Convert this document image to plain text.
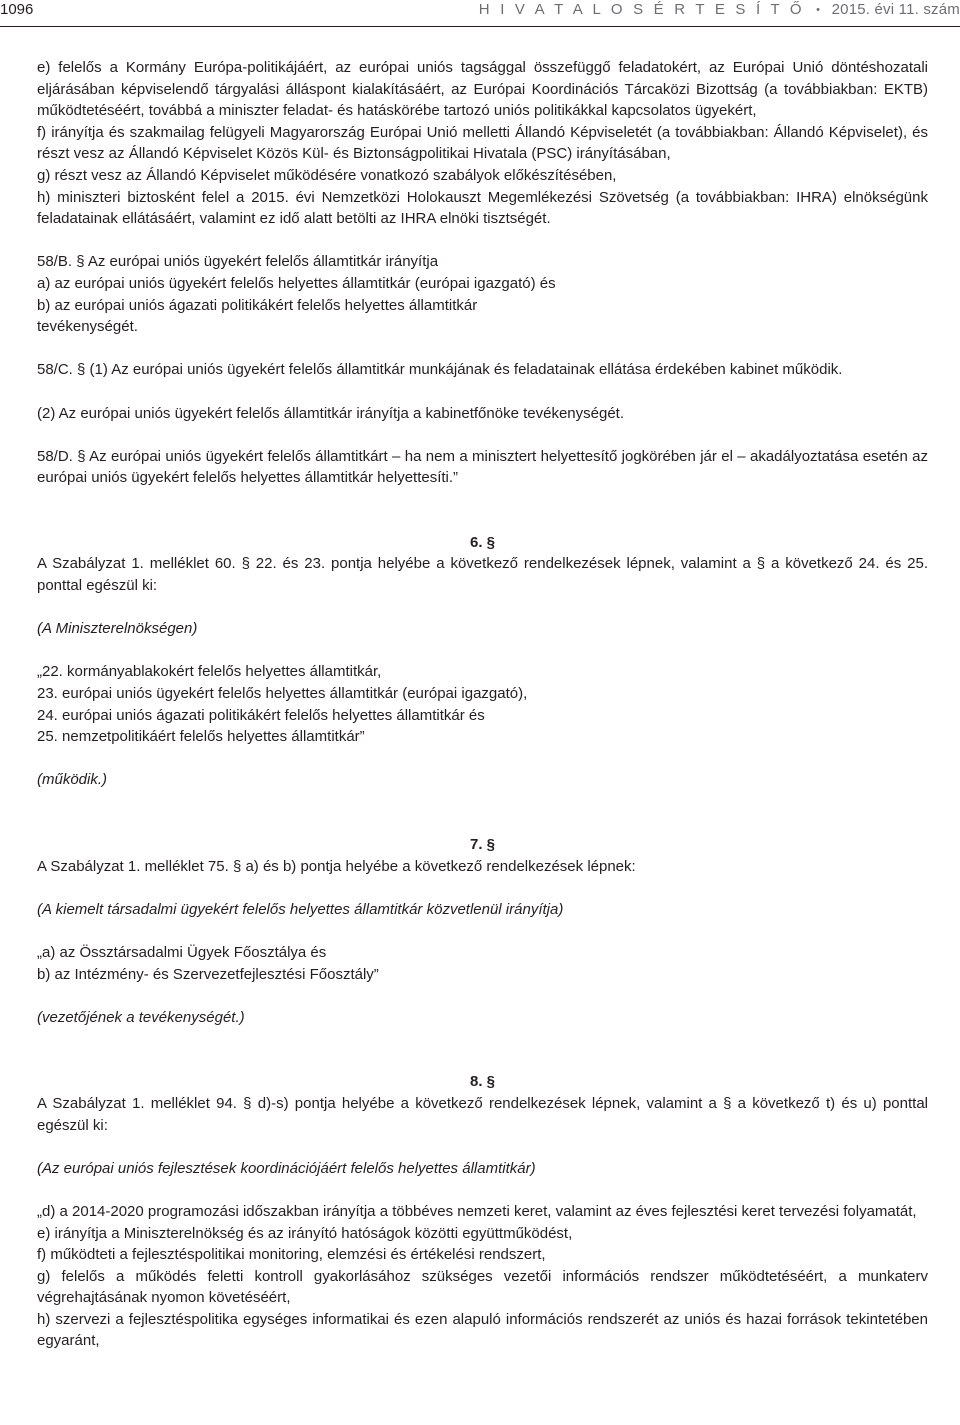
1096	H I V A T A L O S É R T E S Í T Ő • 2015. évi 11. szám

e) felelős a Kormány Európa-politikájáért, az európai uniós tagsággal összefüggő feladatokért, az Európai Unió döntéshozatali eljárásában képviselendő tárgyalási álláspont kialakításáért, az Európai Koordinációs Tárcaközi Bizottság (a továbbiakban: EKTB) működtetéséért, továbbá a miniszter feladat- és hatáskörébe tartozó uniós politikákkal kapcsolatos ügyekért,

f) irányítja és szakmailag felügyeli Magyarország Európai Unió melletti Állandó Képviseletét (a továbbiakban: Állandó Képviselet), és részt vesz az Állandó Képviselet Közös Kül- és Biztonságpolitikai Hivatala (PSC) irányításában,

g) részt vesz az Állandó Képviselet működésére vonatkozó szabályok előkészítésében,

h) miniszteri biztosként felel a 2015. évi Nemzetközi Holokauszt Megemlékezési Szövetség (a továbbiakban: IHRA) elnökségünk feladatainak ellátásáért, valamint ez idő alatt betölti az IHRA elnöki tisztségét.

58/B. § Az európai uniós ügyekért felelős államtitkár irányítja

a) az európai uniós ügyekért felelős helyettes államtitkár (európai igazgató) és

b) az európai uniós ágazati politikákért felelős helyettes államtitkár

tevékenységét.

58/C. § (1) Az európai uniós ügyekért felelős államtitkár munkájának és feladatainak ellátása érdekében kabinet működik.

(2) Az európai uniós ügyekért felelős államtitkár irányítja a kabinetfőnöke tevékenységét.

58/D. § Az európai uniós ügyekért felelős államtitkárt – ha nem a minisztert helyettesítő jogkörében jár el – akadályoztatása esetén az európai uniós ügyekért felelős helyettes államtitkár helyettesíti.”

6. §

A Szabályzat 1. melléklet 60. § 22. és 23. pontja helyébe a következő rendelkezések lépnek, valamint a § a következő 24. és 25. ponttal egészül ki:

(A Miniszterelnökségen)

„22. kormányablakokért felelős helyettes államtitkár,

23. európai uniós ügyekért felelős helyettes államtitkár (európai igazgató),

24. európai uniós ágazati politikákért felelős helyettes államtitkár és

25. nemzetpolitikáért felelős helyettes államtitkár”

(működik.)

7. §

A Szabályzat 1. melléklet 75. § a) és b) pontja helyébe a következő rendelkezések lépnek:

(A kiemelt társadalmi ügyekért felelős helyettes államtitkár közvetlenül irányítja)

„a) az Össztársadalmi Ügyek Főosztálya és

b) az Intézmény- és Szervezetfejlesztési Főosztály”

(vezetőjének a tevékenységét.)

8. §

A Szabályzat 1. melléklet 94. § d)-s) pontja helyébe a következő rendelkezések lépnek, valamint a § a következő t) és u) ponttal egészül ki:

(Az európai uniós fejlesztések koordinációjáért felelős helyettes államtitkár)

„d) a 2014-2020 programozási időszakban irányítja a többéves nemzeti keret, valamint az éves fejlesztési keret tervezési folyamatát,

e) irányítja a Miniszterelnökség és az irányító hatóságok közötti együttműködést,

f) működteti a fejlesztéspolitikai monitoring, elemzési és értékelési rendszert,

g) felelős a működés feletti kontroll gyakorlásához szükséges vezetői információs rendszer működtetéséért, a munkaterv végrehajtásának nyomon követéséért,

h) szervezi a fejlesztéspolitika egységes informatikai és ezen alapuló információs rendszerét az uniós és hazai források tekintetében egyaránt,
